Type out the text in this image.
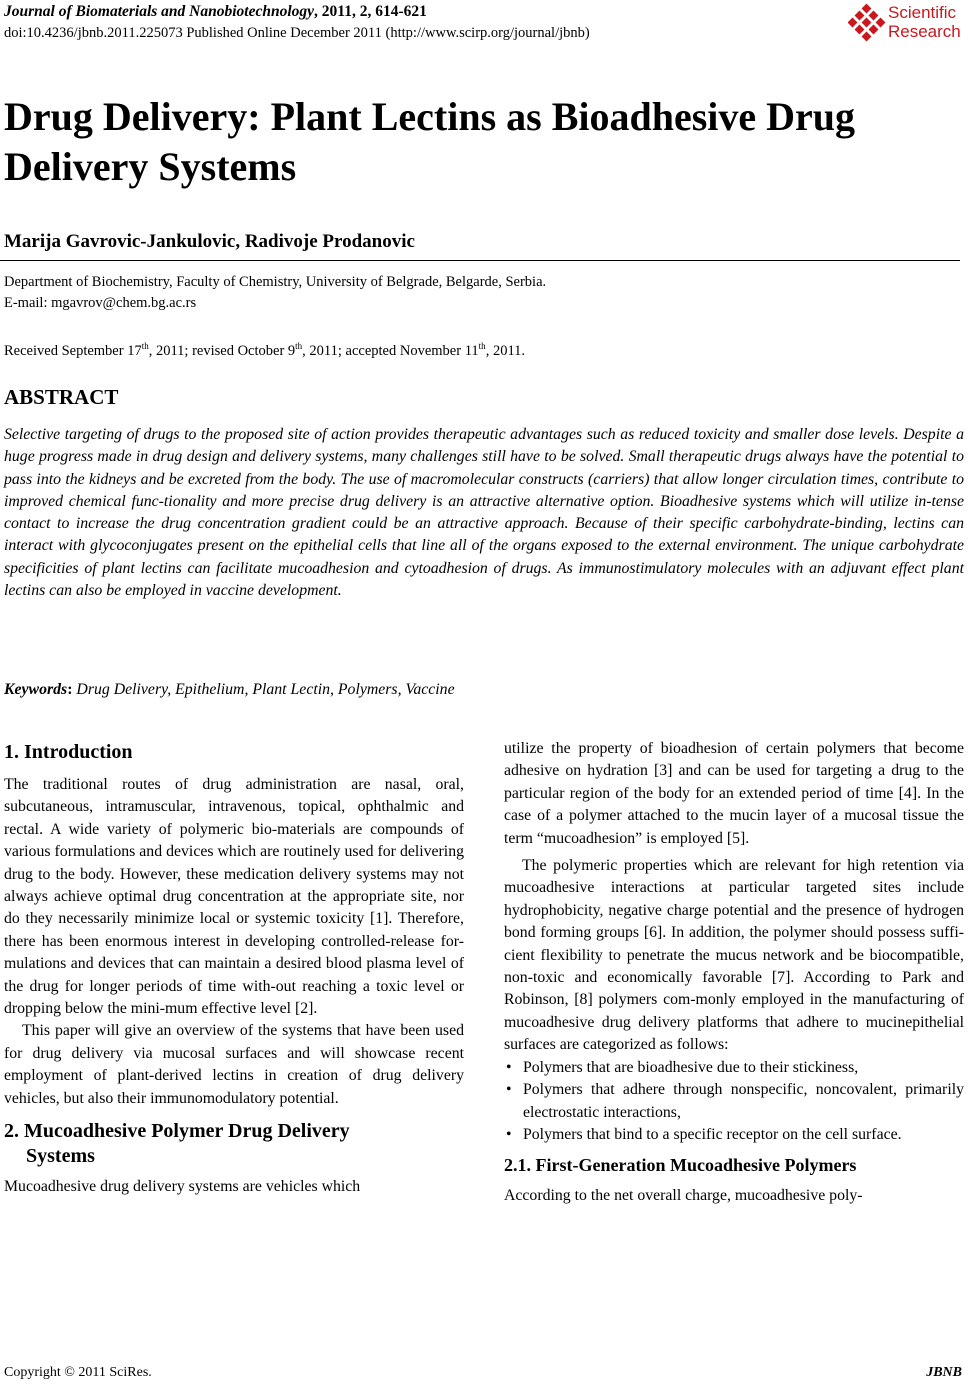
Journal of Biomaterials and Nanobiotechnology, 2011, 2, 614-621
doi:10.4236/jbnb.2011.225073 Published Online December 2011 (http://www.scirp.org/journal/jbnb)
Scientific
Research
Drug Delivery: Plant Lectins as Bioadhesive Drug Delivery Systems
Marija Gavrovic-Jankulovic, Radivoje Prodanovic
Department of Biochemistry, Faculty of Chemistry, University of Belgrade, Belgarde, Serbia.
E-mail: mgavrov@chem.bg.ac.rs
Received September 17th, 2011; revised October 9th, 2011; accepted November 11th, 2011.
ABSTRACT

Selective targeting of drugs to the proposed site of action provides therapeutic advantages such as reduced toxicity and smaller dose levels. Despite a huge progress made in drug design and delivery systems, many challenges still have to be solved. Small therapeutic drugs always have the potential to pass into the kidneys and be excreted from the body. The use of macromolecular constructs (carriers) that allow longer circulation times, contribute to improved chemical func-tionality and more precise drug delivery is an attractive alternative option. Bioadhesive systems which will utilize in-tense contact to increase the drug concentration gradient could be an attractive approach. Because of their specific carbohydrate-binding, lectins can interact with glycoconjugates present on the epithelial cells that line all of the organs exposed to the external environment. The unique carbohydrate specificities of plant lectins can facilitate mucoadhesion and cytoadhesion of drugs. As immunostimulatory molecules with an adjuvant effect plant lectins can also be employed in vaccine development.

Keywords: Drug Delivery, Epithelium, Plant Lectin, Polymers, Vaccine
1. Introduction

The traditional routes of drug administration are nasal, oral, subcutaneous, intramuscular, intravenous, topical, ophthalmic and rectal. A wide variety of polymeric bio-materials are compounds of various formulations and devices which are routinely used for delivering drug to the body. However, these medication delivery systems may not always achieve optimal drug concentration at the appropriate site, nor do they necessarily minimize local or systemic toxicity [1]. Therefore, there has been enormous interest in developing controlled-release for-mulations and devices that can maintain a desired blood plasma level of the drug for longer periods of time with-out reaching a toxic level or dropping below the mini-mum effective level [2].

This paper will give an overview of the systems that have been used for drug delivery via mucosal surfaces and will showcase recent employment of plant-derived lectins in creation of drug delivery vehicles, but also their immunomodulatory potential.

2. Mucoadhesive Polymer Drug Delivery
Systems

Mucoadhesive drug delivery systems are vehicles which

utilize the property of bioadhesion of certain polymers that become adhesive on hydration [3] and can be used for targeting a drug to the particular region of the body for an extended period of time [4]. In the case of a polymer attached to the mucin layer of a mucosal tissue the term “mucoadhesion” is employed [5].

The polymeric properties which are relevant for high retention via mucoadhesive interactions at particular targeted sites include hydrophobicity, negative charge potential and the presence of hydrogen bond forming groups [6]. In addition, the polymer should possess suffi-cient flexibility to penetrate the mucus network and be biocompatible, non-toxic and economically favorable [7]. According to Park and Robinson, [8] polymers com-monly employed in the manufacturing of mucoadhesive drug delivery platforms that adhere to mucinepithelial surfaces are categorized as follows:

• Polymers that are bioadhesive due to their stickiness,
• Polymers that adhere through nonspecific, noncovalent, primarily electrostatic interactions,
• Polymers that bind to a specific receptor on the cell surface.
2.1. First-Generation Mucoadhesive Polymers

According to the net overall charge, mucoadhesive poly-

Copyright © 2011 SciRes.	JBNB
